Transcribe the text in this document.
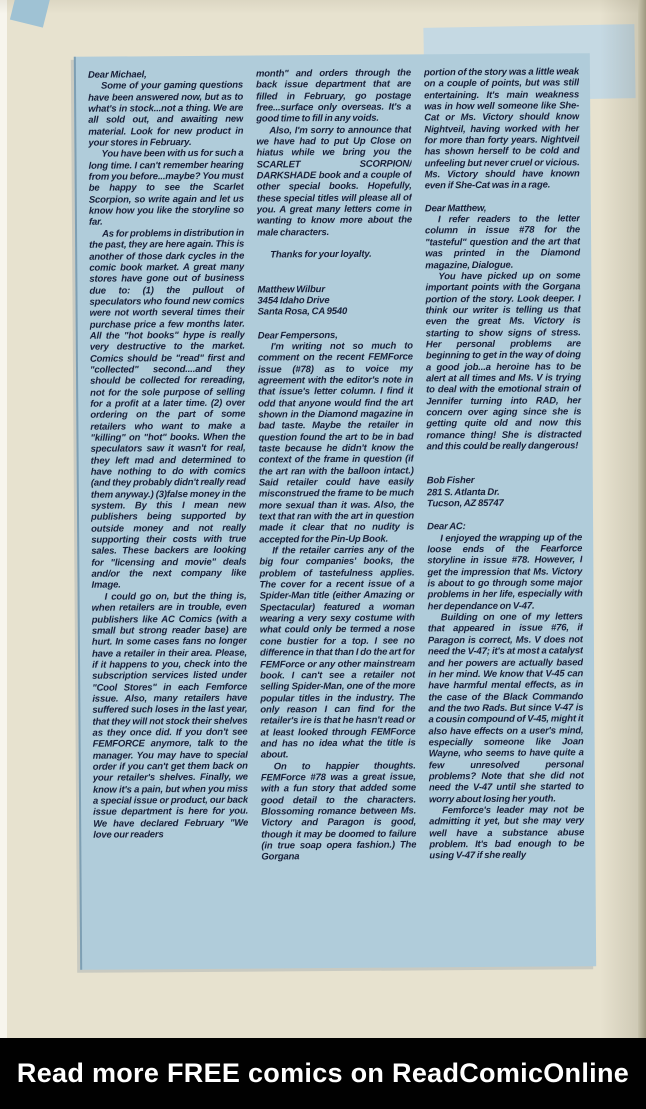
Dear Michael,

Some of your gaming questions have been answered now, but as to what's in stock...not a thing. We are all sold out, and awaiting new material. Look for new product in your stores in February.

You have been with us for such a long time. I can't remember hearing from you before...maybe? You must be happy to see the Scarlet Scorpion, so write again and let us know how you like the storyline so far.

As for problems in distribution in the past, they are here again. This is another of those dark cycles in the comic book market. A great many stores have gone out of business due to: (1) the pullout of speculators who found new comics were not worth several times their purchase price a few months later. All the "hot books" hype is really very destructive to the market. Comics should be "read" first and "collected" second....and they should be collected for rereading, not for the sole purpose of selling for a profit at a later time. (2) over ordering on the part of some retailers who want to make a "killing" on "hot" books. When the speculators saw it wasn't for real, they left mad and determined to have nothing to do with comics (and they probably didn't really read them anyway.) (3)false money in the system. By this I mean new publishers being supported by outside money and not really supporting their costs with true sales. These backers are looking for "licensing and movie" deals and/or the next company like Image.

I could go on, but the thing is, when retailers are in trouble, even publishers like AC Comics (with a small but strong reader base) are hurt. In some cases fans no longer have a retailer in their area. Please, if it happens to you, check into the subscription services listed under "Cool Stores" in each Femforce issue. Also, many retailers have suffered such loses in the last year, that they will not stock their shelves as they once did. If you don't see FEMFORCE anymore, talk to the manager. You may have to special order if you can't get them back on your retailer's shelves. Finally, we know it's a pain, but when you miss a special issue or product, our back issue department is here for you. We have declared February "We love our readers

month" and orders through the back issue department that are filled in February, go postage free...surface only overseas. It's a good time to fill in any voids.

Also, I'm sorry to announce that we have had to put Up Close on hiatus while we bring you the SCARLET SCORPION/ DARKSHADE book and a couple of other special books. Hopefully, these special titles will please all of you. A great many letters come in wanting to know more about the male characters.

Thanks for your loyalty.

Matthew Wilbur

3454 Idaho Drive

Santa Rosa, CA 9540

Dear Fempersons,

I'm writing not so much to comment on the recent FEMForce issue (#78) as to voice my agreement with the editor's note in that issue's letter column. I find it odd that anyone would find the art shown in the Diamond magazine in bad taste. Maybe the retailer in question found the art to be in bad taste because he didn't know the context of the frame in question (if the art ran with the balloon intact.) Said retailer could have easily misconstrued the frame to be much more sexual than it was. Also, the text that ran with the art in question made it clear that no nudity is accepted for the Pin-Up Book.

If the retailer carries any of the big four companies' books, the problem of tastefulness applies. The cover for a recent issue of a Spider-Man title (either Amazing or Spectacular) featured a woman wearing a very sexy costume with what could only be termed a nose cone bustier for a top. I see no difference in that than I do the art for FEMForce or any other mainstream book. I can't see a retailer not selling Spider-Man, one of the more popular titles in the industry. The only reason I can find for the retailer's ire is that he hasn't read or at least looked through FEMForce and has no idea what the title is about.

On to happier thoughts. FEMForce #78 was a great issue, with a fun story that added some good detail to the characters. Blossoming romance between Ms. Victory and Paragon is good, though it may be doomed to failure (in true soap opera fashion.) The Gorgana

portion of the story was a little weak on a couple of points, but was still entertaining. It's main weakness was in how well someone like She-Cat or Ms. Victory should know Nightveil, having worked with her for more than forty years. Nightveil has shown herself to be cold and unfeeling but never cruel or vicious. Ms. Victory should have known even if She-Cat was in a rage.

Dear Matthew,

I refer readers to the letter column in issue #78 for the "tasteful" question and the art that was printed in the Diamond magazine, Dialogue.

You have picked up on some important points with the Gorgana portion of the story. Look deeper. I think our writer is telling us that even the great Ms. Victory is starting to show signs of stress. Her personal problems are beginning to get in the way of doing a good job...a heroine has to be alert at all times and Ms. V is trying to deal with the emotional strain of Jennifer turning into RAD, her concern over aging since she is getting quite old and now this romance thing! She is distracted and this could be really dangerous!

Bob Fisher

281 S. Atlanta Dr.

Tucson, AZ 85747

Dear AC:

I enjoyed the wrapping up of the loose ends of the Fearforce storyline in issue #78. However, I get the impression that Ms. Victory is about to go through some major problems in her life, especially with her dependance on V-47.

Building on one of my letters that appeared in issue #76, if Paragon is correct, Ms. V does not need the V-47; it's at most a catalyst and her powers are actually based in her mind. We know that V-45 can have harmful mental effects, as in the case of the Black Commando and the two Rads. But since V-47 is a cousin compound of V-45, might it also have effects on a user's mind, especially someone like Joan Wayne, who seems to have quite a few unresolved personal problems? Note that she did not need the V-47 until she started to worry about losing her youth.

Femforce's leader may not be admitting it yet, but she may very well have a substance abuse problem. It's bad enough to be using V-47 if she really

Read more FREE comics on ReadComicOnline
